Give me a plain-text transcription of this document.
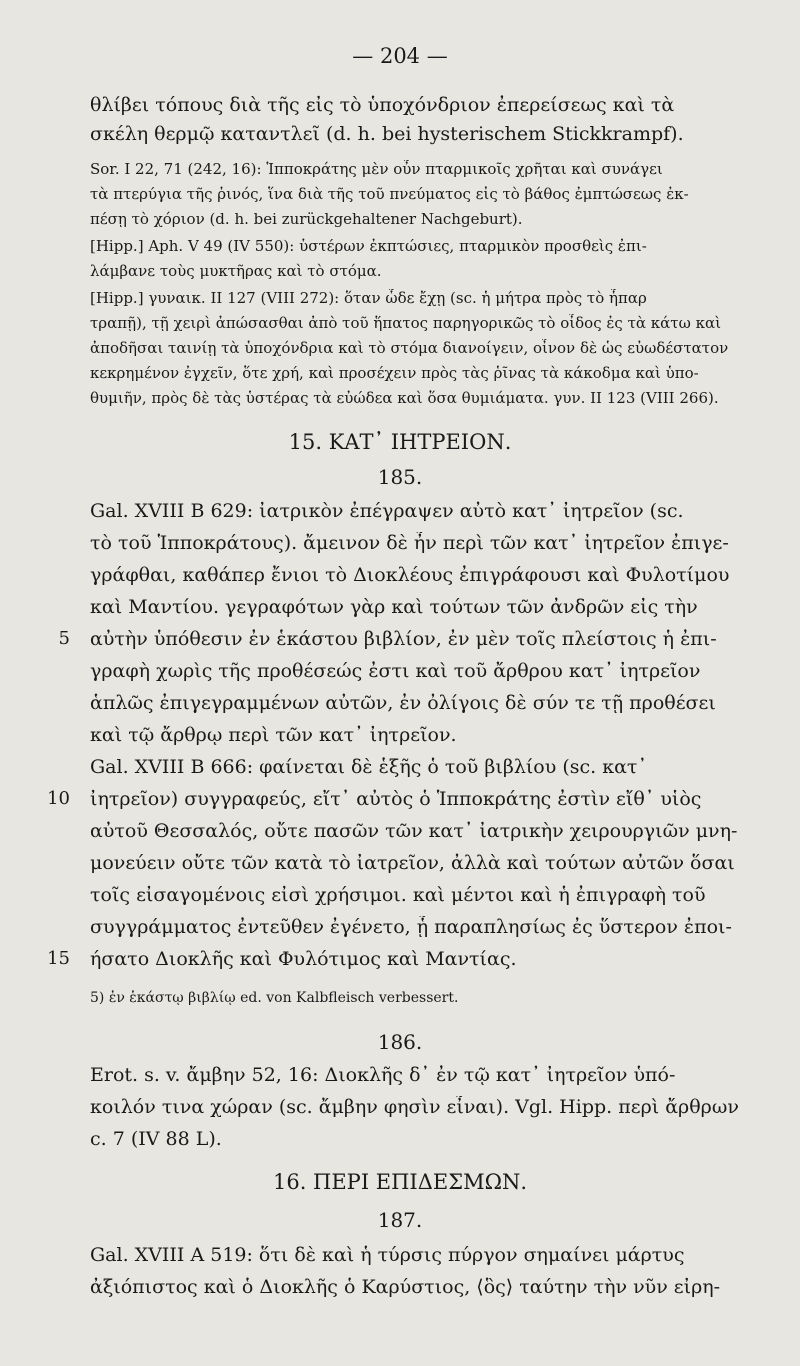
— 204 —
θλίβει τόπους διὰ τῆς εἰς τὸ ὑποχόνδριον ἐπερείσεως καὶ τὰ
σκέλη θερμῷ καταντλεῖ (d. h. bei hysterischem Stickkrampf).
Sor. I 22, 71 (242, 16): Ἱπποκράτης μὲν οὖν πταρμικοῖς χρῆται καὶ συνάγει
τὰ πτερύγια τῆς ῥινός, ἵνα διὰ τῆς τοῦ πνεύματος εἰς τὸ βάθος ἐμπτώσεως ἐκ-
πέσῃ τὸ χόριον (d. h. bei zurückgehaltener Nachgeburt).
[Hipp.] Aph. V 49 (IV 550): ὑστέρων ἐκπτώσιες, πταρμικὸν προσθεὶς ἐπι-
λάμβανε τοὺς μυκτῆρας καὶ τὸ στόμα.
[Hipp.] γυναικ. II 127 (VIII 272): ὅταν ὧδε ἔχῃ (sc. ἡ μήτρα πρὸς τὸ ἧπαρ
τραπῇ), τῇ χειρὶ ἀπώσασθαι ἀπὸ τοῦ ἥπατος παρηγορικῶς τὸ οἶδος ἐς τὰ κάτω καὶ
ἀποδῆσαι ταινίῃ τὰ ὑποχόνδρια καὶ τὸ στόμα διανοίγειν, οἶνον δὲ ὡς εὐωδέστατον
κεκρημένον ἐγχεῖν, ὅτε χρή, καὶ προσέχειν πρὸς τὰς ῥῖνας τὰ κάκοδμα καὶ ὑπο-
θυμιῆν, πρὸς δὲ τὰς ὑστέρας τὰ εὐώδεα καὶ ὅσα θυμιάματα. γυν. II 123 (VIII 266).
15. ΚΑΤ᾿ ΙΗΤΡΕΙΟΝ.
185.
Gal. XVIII B 629: ἰατρικὸν ἐπέγραψεν αὐτὸ κατ᾿ ἰητρεῖον (sc.
τὸ τοῦ Ἱπποκράτους). ἄμεινον δὲ ἦν περὶ τῶν κατ᾿ ἰητρεῖον ἐπιγε-
γράφθαι, καθάπερ ἔνιοι τὸ Διοκλέους ἐπιγράφουσι καὶ Φυλοτίμου
καὶ Μαντίου. γεγραφότων γὰρ καὶ τούτων τῶν ἀνδρῶν εἰς τὴν
5 αὐτὴν ὑπόθεσιν ἐν ἑκάστου βιβλίον, ἐν μὲν τοῖς πλείστοις ἡ ἐπι-
γραφὴ χωρὶς τῆς προθέσεώς ἐστι καὶ τοῦ ἄρθρου κατ᾿ ἰητρεῖον
ἁπλῶς ἐπιγεγραμμένων αὐτῶν, ἐν ὀλίγοις δὲ σύν τε τῇ προθέσει
καὶ τῷ ἄρθρῳ περὶ τῶν κατ᾿ ἰητρεῖον.
Gal. XVIII B 666: φαίνεται δὲ ἑξῆς ὁ τοῦ βιβλίου (sc. κατ᾿
10 ἰητρεῖον) συγγραφεύς, εἴτ᾿ αὐτὸς ὁ Ἱπποκράτης ἐστὶν εἴθ᾿ υἱὸς
αὐτοῦ Θεσσαλός, οὔτε πασῶν τῶν κατ᾿ ἰατρικὴν χειρουργιῶν μνη-
μονεύειν οὔτε τῶν κατὰ τὸ ἰατρεῖον, ἀλλὰ καὶ τούτων αὐτῶν ὅσαι
τοῖς εἰσαγομένοις εἰσὶ χρήσιμοι. καὶ μέντοι καὶ ἡ ἐπιγραφὴ τοῦ
συγγράμματος ἐντεῦθεν ἐγένετο, ᾗ παραπλησίως ἐς ὕστερον ἐποι-
15 ήσατο Διοκλῆς καὶ Φυλότιμος καὶ Μαντίας.
5) ἐν ἑκάστῳ βιβλίῳ ed. von Kalbfleisch verbessert.
186.
Erot. s. v. ἄμβην 52, 16: Διοκλῆς δ᾿ ἐν τῷ κατ᾿ ἰητρεῖον ὑπό-
κοιλόν τινα χώραν (sc. ἄμβην φησὶν εἶναι). Vgl. Hipp. περὶ ἄρθρων
c. 7 (IV 88 L).
16. ΠΕΡΙ ΕΠΙΔΕΣΜΩΝ.
187.
Gal. XVIII A 519: ὅτι δὲ καὶ ἡ τύρσις πύργον σημαίνει μάρτυς
ἀξιόπιστος καὶ ὁ Διοκλῆς ὁ Καρύστιος, ⟨ὃς⟩ ταύτην τὴν νῦν εἰρη-
